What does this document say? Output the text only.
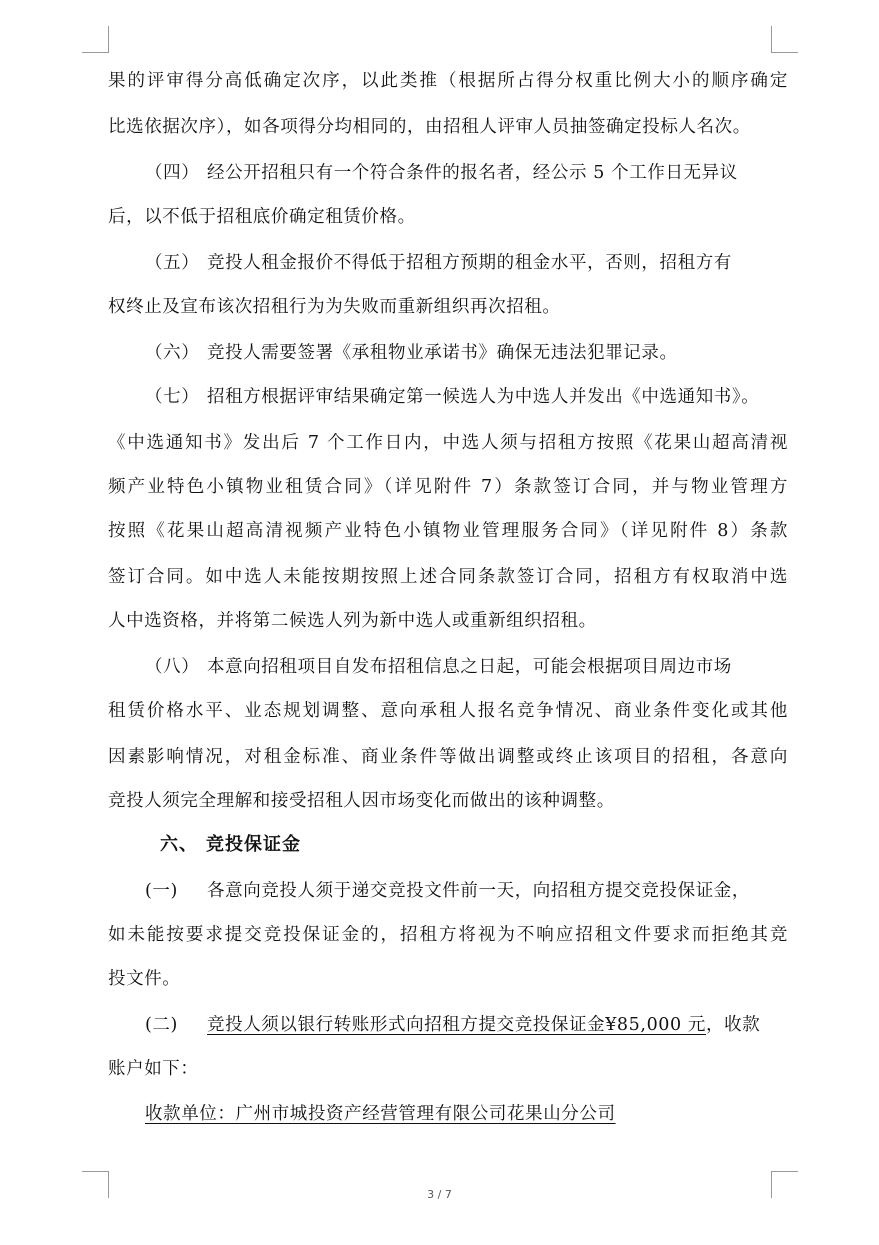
果的评审得分高低确定次序，以此类推（根据所占得分权重比例大小的顺序确定
比选依据次序），如各项得分均相同的，由招租人评审人员抽签确定投标人名次。
（四） 经公开招租只有一个符合条件的报名者，经公示 5 个工作日无异议
后，以不低于招租底价确定租赁价格。
（五） 竞投人租金报价不得低于招租方预期的租金水平，否则，招租方有
权终止及宣布该次招租行为为失败而重新组织再次招租。
（六） 竞投人需要签署《承租物业承诺书》确保无违法犯罪记录。
（七） 招租方根据评审结果确定第一候选人为中选人并发出《中选通知书》。
《中选通知书》发出后 7 个工作日内，中选人须与招租方按照《花果山超高清视
频产业特色小镇物业租赁合同》（详见附件 7）条款签订合同，并与物业管理方
按照《花果山超高清视频产业特色小镇物业管理服务合同》（详见附件 8）条款
签订合同。如中选人未能按期按照上述合同条款签订合同，招租方有权取消中选
人中选资格，并将第二候选人列为新中选人或重新组织招租。
（八） 本意向招租项目自发布招租信息之日起，可能会根据项目周边市场
租赁价格水平、业态规划调整、意向承租人报名竞争情况、商业条件变化或其他
因素影响情况，对租金标准、商业条件等做出调整或终止该项目的招租，各意向
竞投人须完全理解和接受招租人因市场变化而做出的该种调整。
六、 竞投保证金
(一) 各意向竞投人须于递交竞投文件前一天，向招租方提交竞投保证金，
如未能按要求提交竞投保证金的，招租方将视为不响应招租文件要求而拒绝其竞
投文件。
(二) 竞投人须以银行转账形式向招租方提交竞投保证金¥85,000 元，收款
账户如下：
收款单位：广州市城投资产经营管理有限公司花果山分公司
3 / 7
